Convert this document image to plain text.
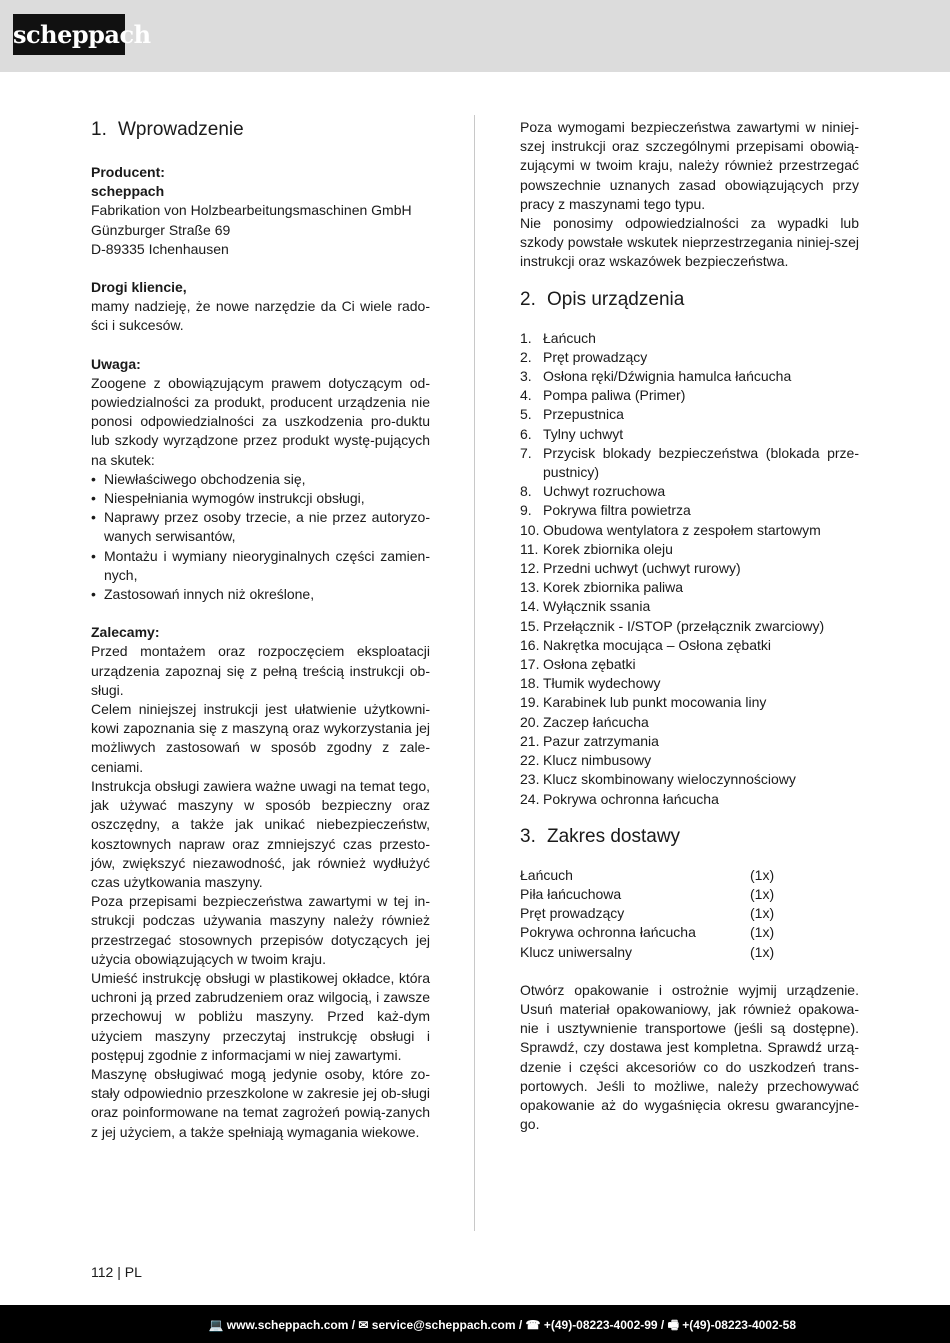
scheppach
1. Wprowadzenie

Producent:

scheppach

Fabrikation von Holzbearbeitungsmaschinen GmbH

Günzburger Straße 69

D-89335 Ichenhausen

Drogi kliencie,

mamy nadzieję, że nowe narzędzie da Ci wiele rado-ści i sukcesów.

Uwaga:

Zoogene z obowiązującym prawem dotyczącym od-powiedzialności za produkt, producent urządzenia nie ponosi odpowiedzialności za uszkodzenia pro-duktu lub szkody wyrządzone przez produkt wystę-pujących na skutek:

• Niewłaściwego obchodzenia się,
• Niespełniania wymogów instrukcji obsługi,
• Naprawy przez osoby trzecie, a nie przez autoryzo-wanych serwisantów,
• Montażu i wymiany nieoryginalnych części zamien-nych,
• Zastosowań innych niż określone,

Zalecamy:

Przed montażem oraz rozpoczęciem eksploatacji urządzenia zapoznaj się z pełną treścią instrukcji ob-sługi.

Celem niniejszej instrukcji jest ułatwienie użytkowni-kowi zapoznania się z maszyną oraz wykorzystania jej możliwych zastosowań w sposób zgodny z zale-ceniami.

Instrukcja obsługi zawiera ważne uwagi na temat tego, jak używać maszyny w sposób bezpieczny oraz oszczędny, a także jak unikać niebezpieczeństw, kosztownych napraw oraz zmniejszyć czas przesto-jów, zwiększyć niezawodność, jak również wydłużyć czas użytkowania maszyny.

Poza przepisami bezpieczeństwa zawartymi w tej in-strukcji podczas używania maszyny należy również przestrzegać stosownych przepisów dotyczących jej użycia obowiązujących w twoim kraju.

Umieść instrukcję obsługi w plastikowej okładce, która uchroni ją przed zabrudzeniem oraz wilgocią, i zawsze przechowuj w pobliżu maszyny. Przed każ-dym użyciem maszyny przeczytaj instrukcję obsługi i postępuj zgodnie z informacjami w niej zawartymi.

Maszynę obsługiwać mogą jedynie osoby, które zo-stały odpowiednio przeszkolone w zakresie jej ob-sługi oraz poinformowane na temat zagrożeń powią-zanych z jej użyciem, a także spełniają wymagania wiekowe.

Poza wymogami bezpieczeństwa zawartymi w niniej-szej instrukcji oraz szczególnymi przepisami obowią-zującymi w twoim kraju, należy również przestrzegać powszechnie uznanych zasad obowiązujących przy pracy z maszynami tego typu.

Nie ponosimy odpowiedzialności za wypadki lub szkody powstałe wskutek nieprzestrzegania niniej-szej instrukcji oraz wskazówek bezpieczeństwa.

2. Opis urządzenia
1. Łańcuch
2. Pręt prowadzący
3. Osłona ręki/Dźwignia hamulca łańcucha
4. Pompa paliwa (Primer)
5. Przepustnica
6. Tylny uchwyt
7. Przycisk blokady bezpieczeństwa (blokada prze-pustnicy)
8. Uchwyt rozruchowa
9. Pokrywa filtra powietrza
10. Obudowa wentylatora z zespołem startowym
11. Korek zbiornika oleju
12. Przedni uchwyt (uchwyt rurowy)
13. Korek zbiornika paliwa
14. Wyłącznik ssania
15. Przełącznik - I/STOP (przełącznik zwarciowy)
16. Nakrętka mocująca – Osłona zębatki
17. Osłona zębatki
18. Tłumik wydechowy
19. Karabinek lub punkt mocowania liny
20. Zaczep łańcucha
21. Pazur zatrzymania
22. Klucz nimbusowy
23. Klucz skombinowany wieloczynnościowy
24. Pokrywa ochronna łańcucha
3. Zakres dostawy
Łańcuch	(1x)
Piła łańcuchowa	(1x)
Pręt prowadzący	(1x)
Pokrywa ochronna łańcucha	(1x)
Klucz uniwersalny	(1x)

Otwórz opakowanie i ostrożnie wyjmij urządzenie. Usuń materiał opakowaniowy, jak również opakowa-nie i usztywnienie transportowe (jeśli są dostępne). Sprawdź, czy dostawa jest kompletna. Sprawdź urzą-dzenie i części akcesoriów co do uszkodzeń trans-portowych. Jeśli to możliwe, należy przechowywać opakowanie aż do wygaśnięcia okresu gwarancyjne-go.

112 | PL
💻 www.scheppach.com / ✉ service@scheppach.com / ☎ +(49)-08223-4002-99 / 🖷 +(49)-08223-4002-58
